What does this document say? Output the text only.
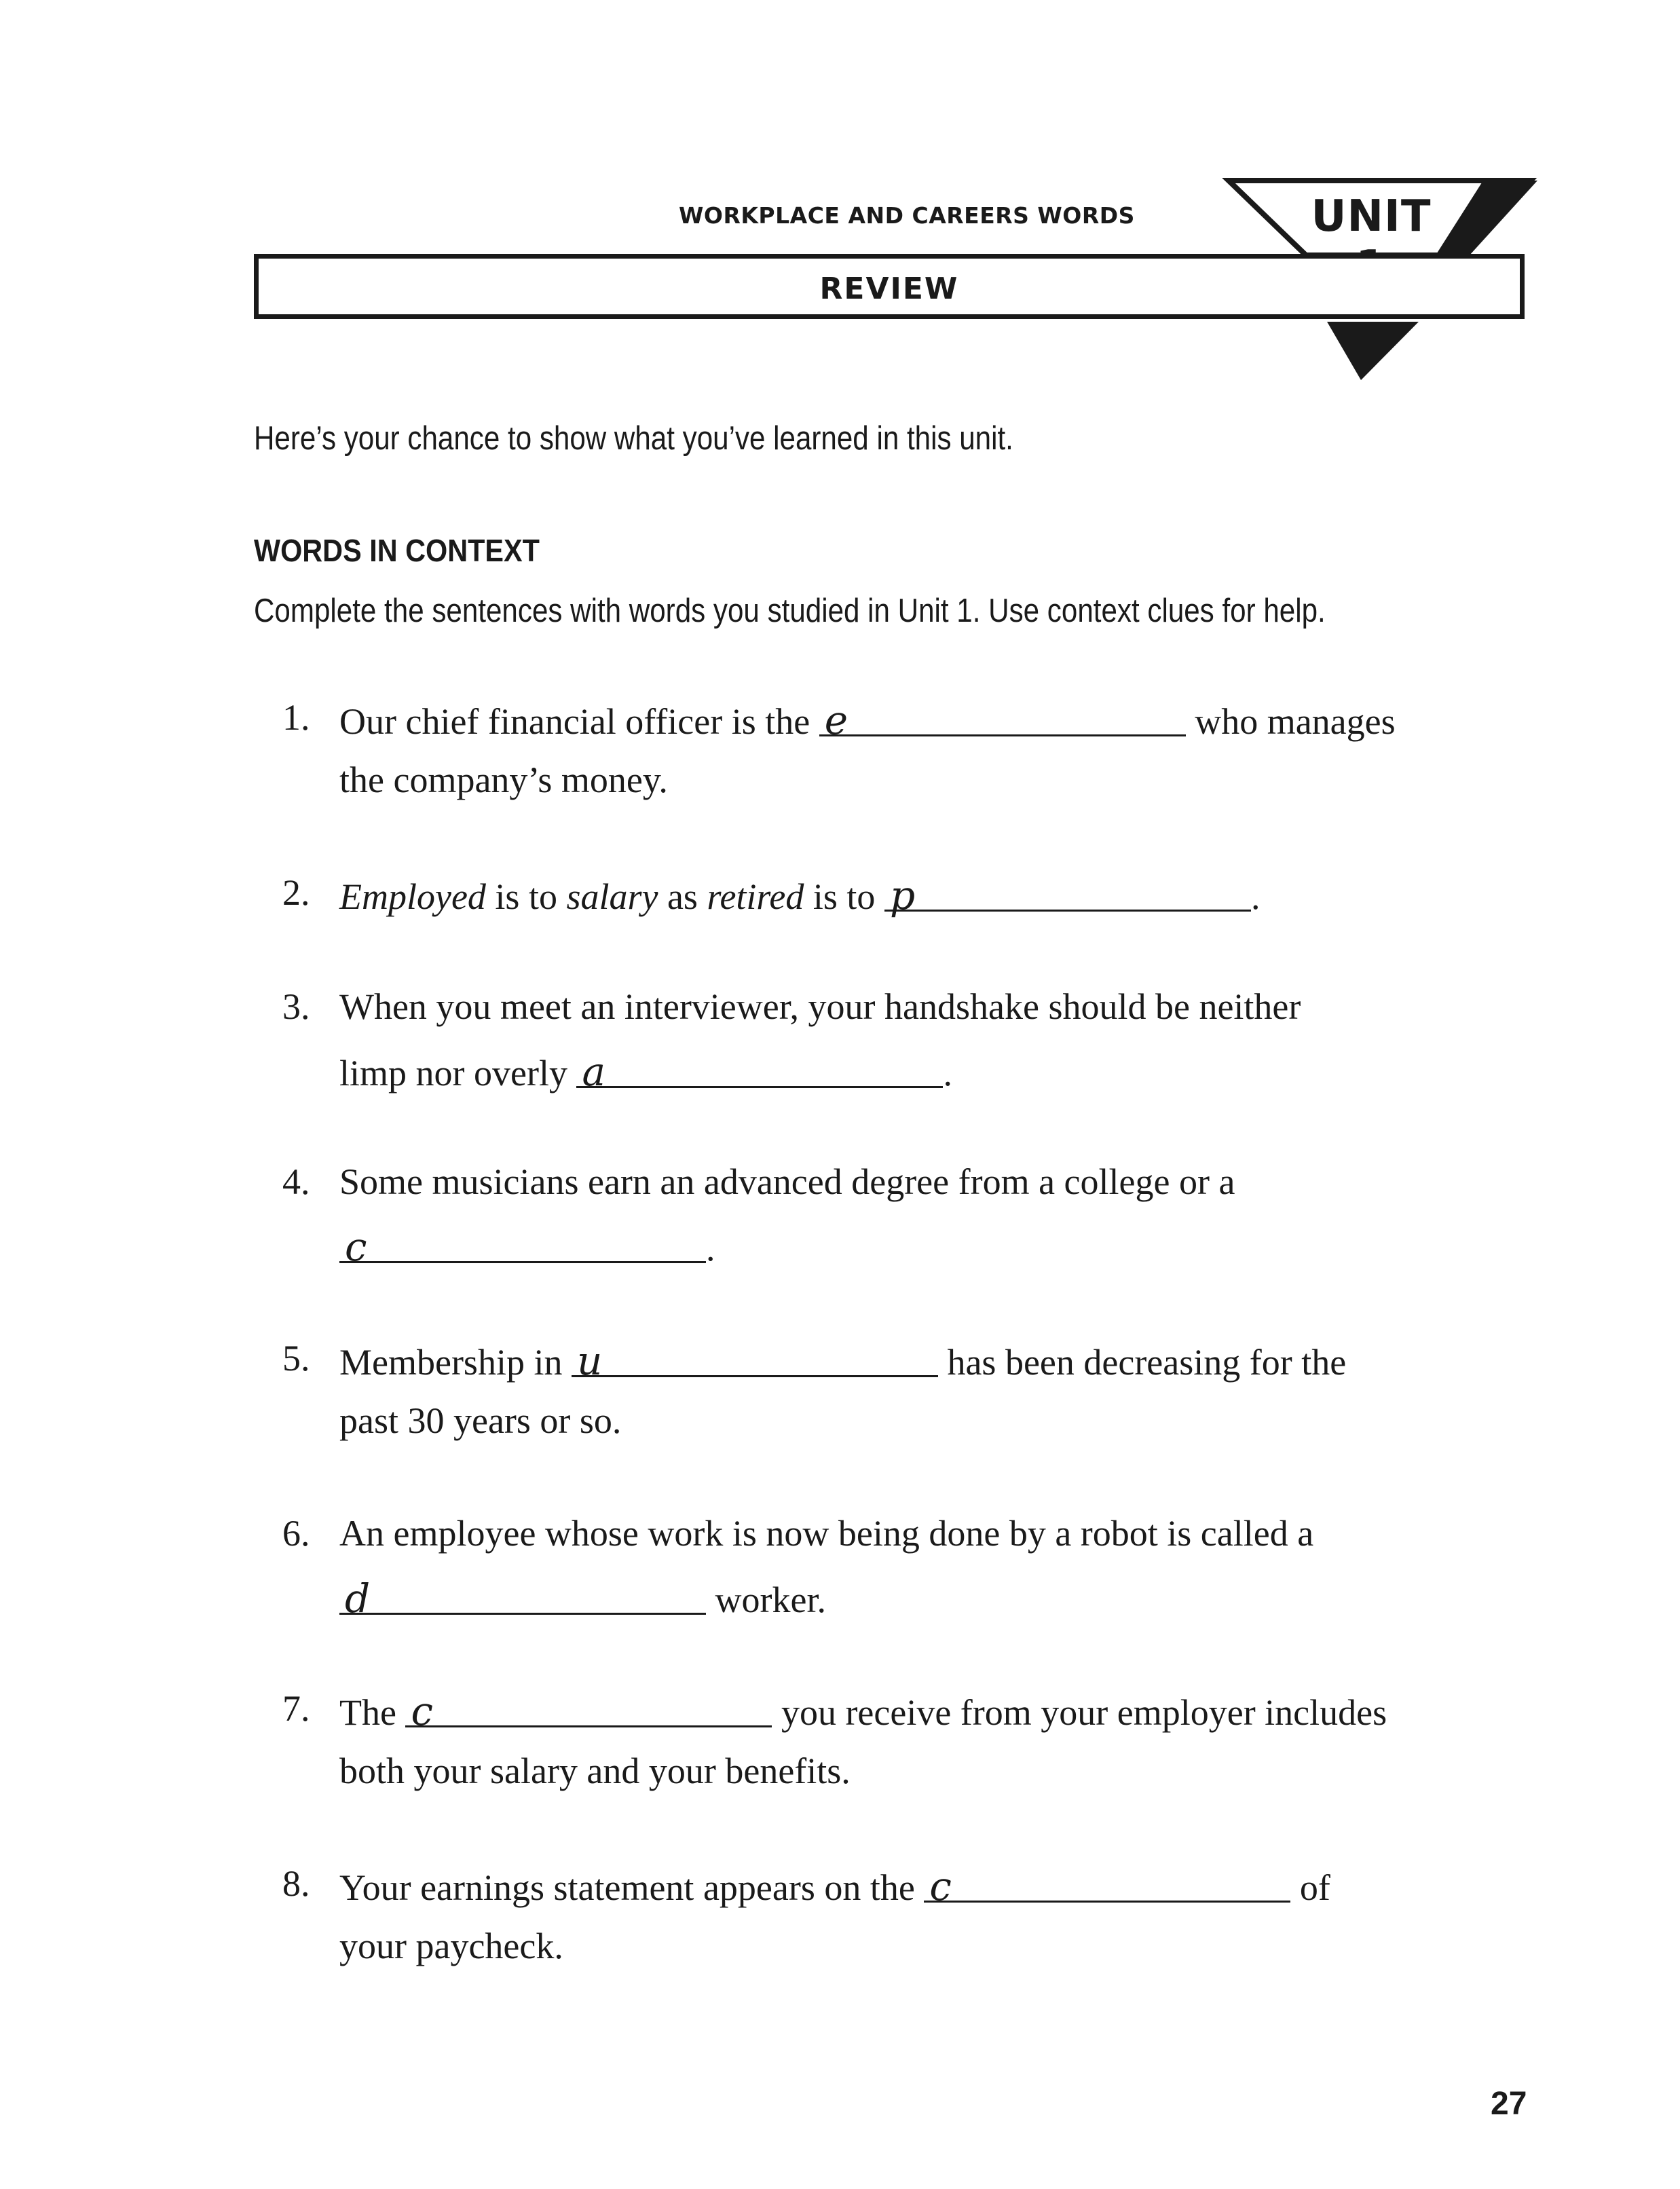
WORKPLACE AND CAREERS WORDS	UNIT
REVIEW
Here’s your chance to show what you’ve learned in this unit.
WORDS IN CONTEXT
Complete the sentences with words you studied in Unit 1. Use context clues for help.
1. Our chief financial officer is the e	who manages
the company’s money.
2. Employed is to salary as retired is to p	.
3. When you meet an interviewer, your handshake should be neither
limp nor overly a	.
4. Some musicians earn an advanced degree from a college or a
c	.
5. Membership in u	has been decreasing for the
past 30 years or so.
6. An employee whose work is now being done by a robot is called a
d	worker.
7. The c	you receive from your employer includes
both your salary and your benefits.
8. Your earnings statement appears on the c	of
your paycheck.
27
